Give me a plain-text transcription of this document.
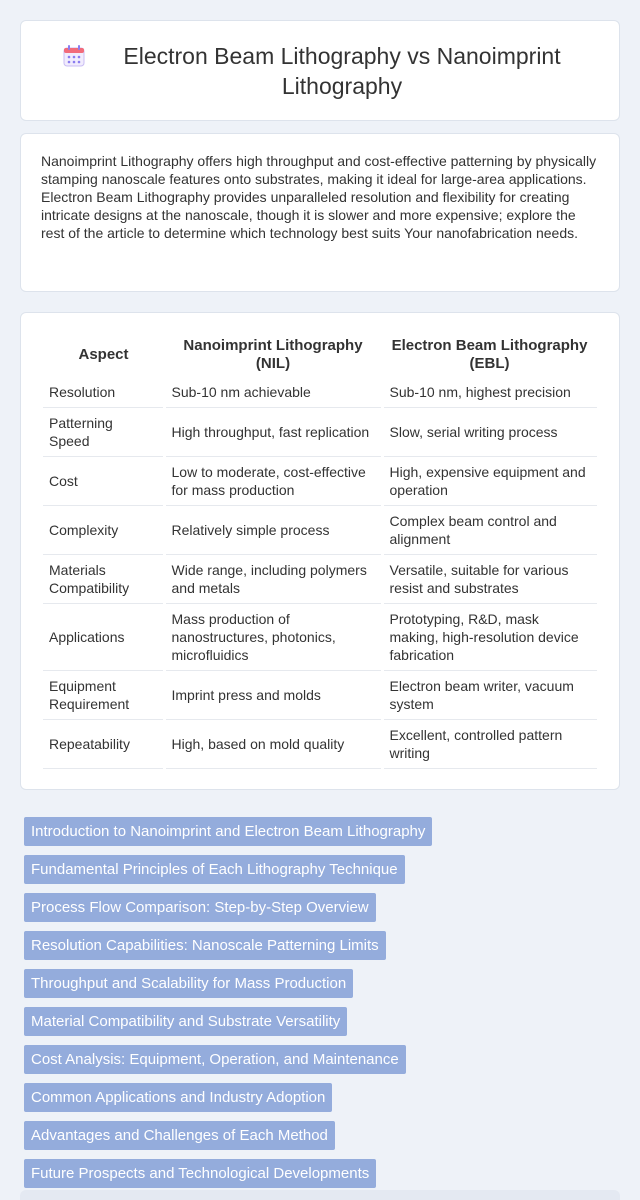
Electron Beam Lithography vs Nanoimprint Lithography

Nanoimprint Lithography offers high throughput and cost-effective patterning by physically stamping nanoscale features onto substrates, making it ideal for large-area applications. Electron Beam Lithography provides unparalleled resolution and flexibility for creating intricate designs at the nanoscale, though it is slower and more expensive; explore the rest of the article to determine which technology best suits Your nanofabrication needs.

Aspect	Nanoimprint Lithography (NIL)	Electron Beam Lithography (EBL)
Resolution	Sub-10 nm achievable	Sub-10 nm, highest precision
Patterning Speed	High throughput, fast replication	Slow, serial writing process
Cost	Low to moderate, cost-effective for mass production	High, expensive equipment and operation
Complexity	Relatively simple process	Complex beam control and alignment
Materials Compatibility	Wide range, including polymers and metals	Versatile, suitable for various resist and substrates
Applications	Mass production of nanostructures, photonics, microfluidics	Prototyping, R&D, mask making, high-resolution device fabrication
Equipment Requirement	Imprint press and molds	Electron beam writer, vacuum system
Repeatability	High, based on mold quality	Excellent, controlled pattern writing
Introduction to Nanoimprint and Electron Beam Lithography
Fundamental Principles of Each Lithography Technique
Process Flow Comparison: Step-by-Step Overview
Resolution Capabilities: Nanoscale Patterning Limits
Throughput and Scalability for Mass Production
Material Compatibility and Substrate Versatility
Cost Analysis: Equipment, Operation, and Maintenance
Common Applications and Industry Adoption
Advantages and Challenges of Each Method
Future Prospects and Technological Developments
